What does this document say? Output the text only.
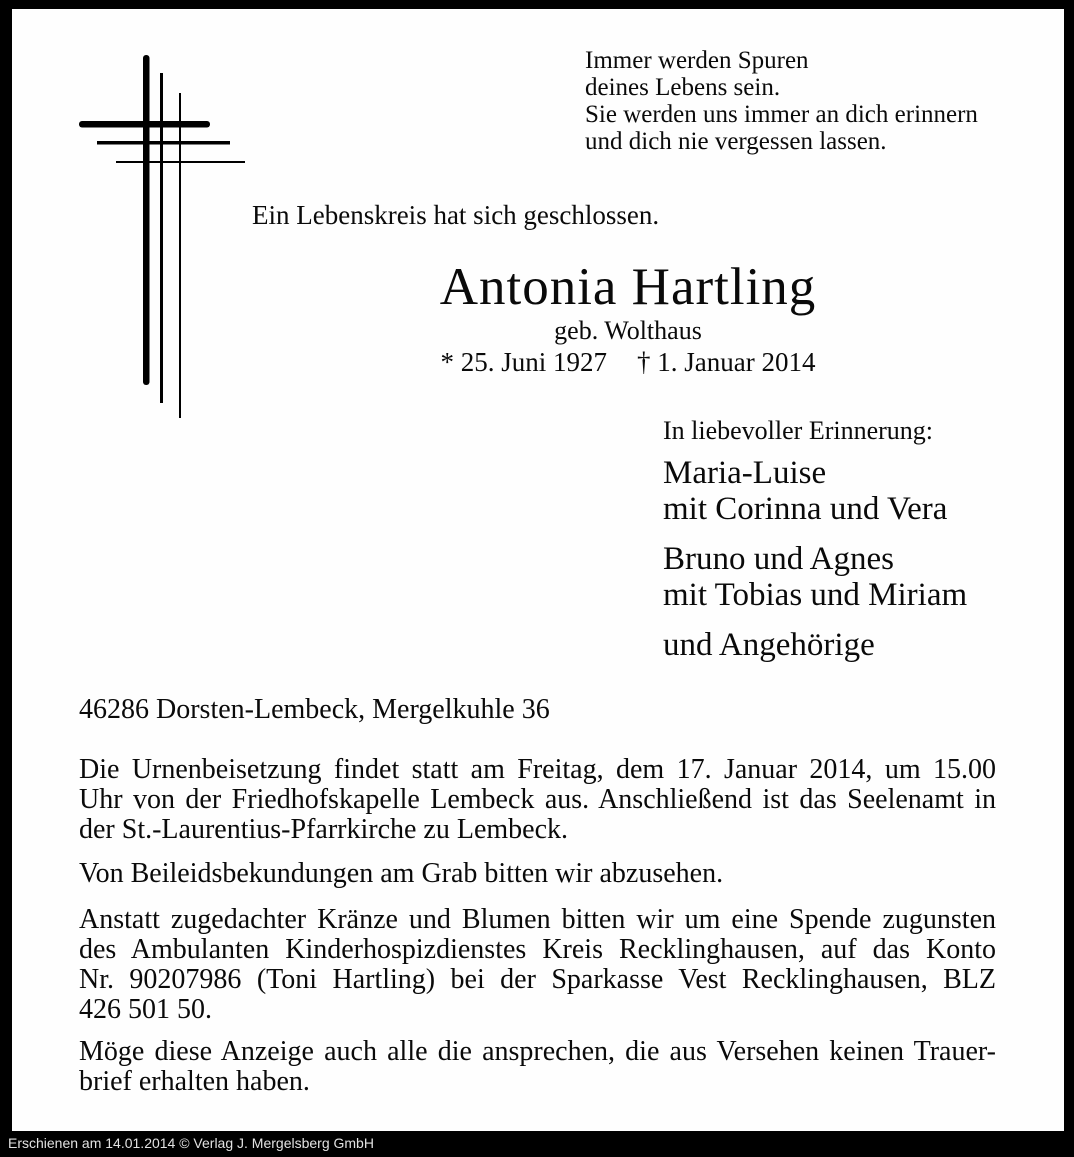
Immer werden Spuren
deines Lebens sein.
Sie werden uns immer an dich erinnern
und dich nie vergessen lassen.
Ein Lebenskreis hat sich geschlossen.
Antonia Hartling
geb. Wolthaus
* 25. Juni 1927 † 1. Januar 2014
In liebevoller Erinnerung:
Maria-Luise
mit Corinna und Vera
Bruno und Agnes
mit Tobias und Miriam
und Angehörige
46286 Dorsten-Lembeck, Mergelkuhle 36

Die Urnenbeisetzung findet statt am Freitag, dem 17. Januar 2014, um 15.00
Uhr von der Friedhofskapelle Lembeck aus. Anschließend ist das Seelenamt in
der St.-Laurentius-Pfarrkirche zu Lembeck.

Von Beileidsbekundungen am Grab bitten wir abzusehen.

Anstatt zugedachter Kränze und Blumen bitten wir um eine Spende zugunsten
des Ambulanten Kinderhospizdienstes Kreis Recklinghausen, auf das Konto
Nr. 90207986 (Toni Hartling) bei der Sparkasse Vest Recklinghausen, BLZ
426 501 50.

Möge diese Anzeige auch alle die ansprechen, die aus Versehen keinen Trauer-
brief erhalten haben.

Erschienen am 14.01.2014 © Verlag J. Mergelsberg GmbH
